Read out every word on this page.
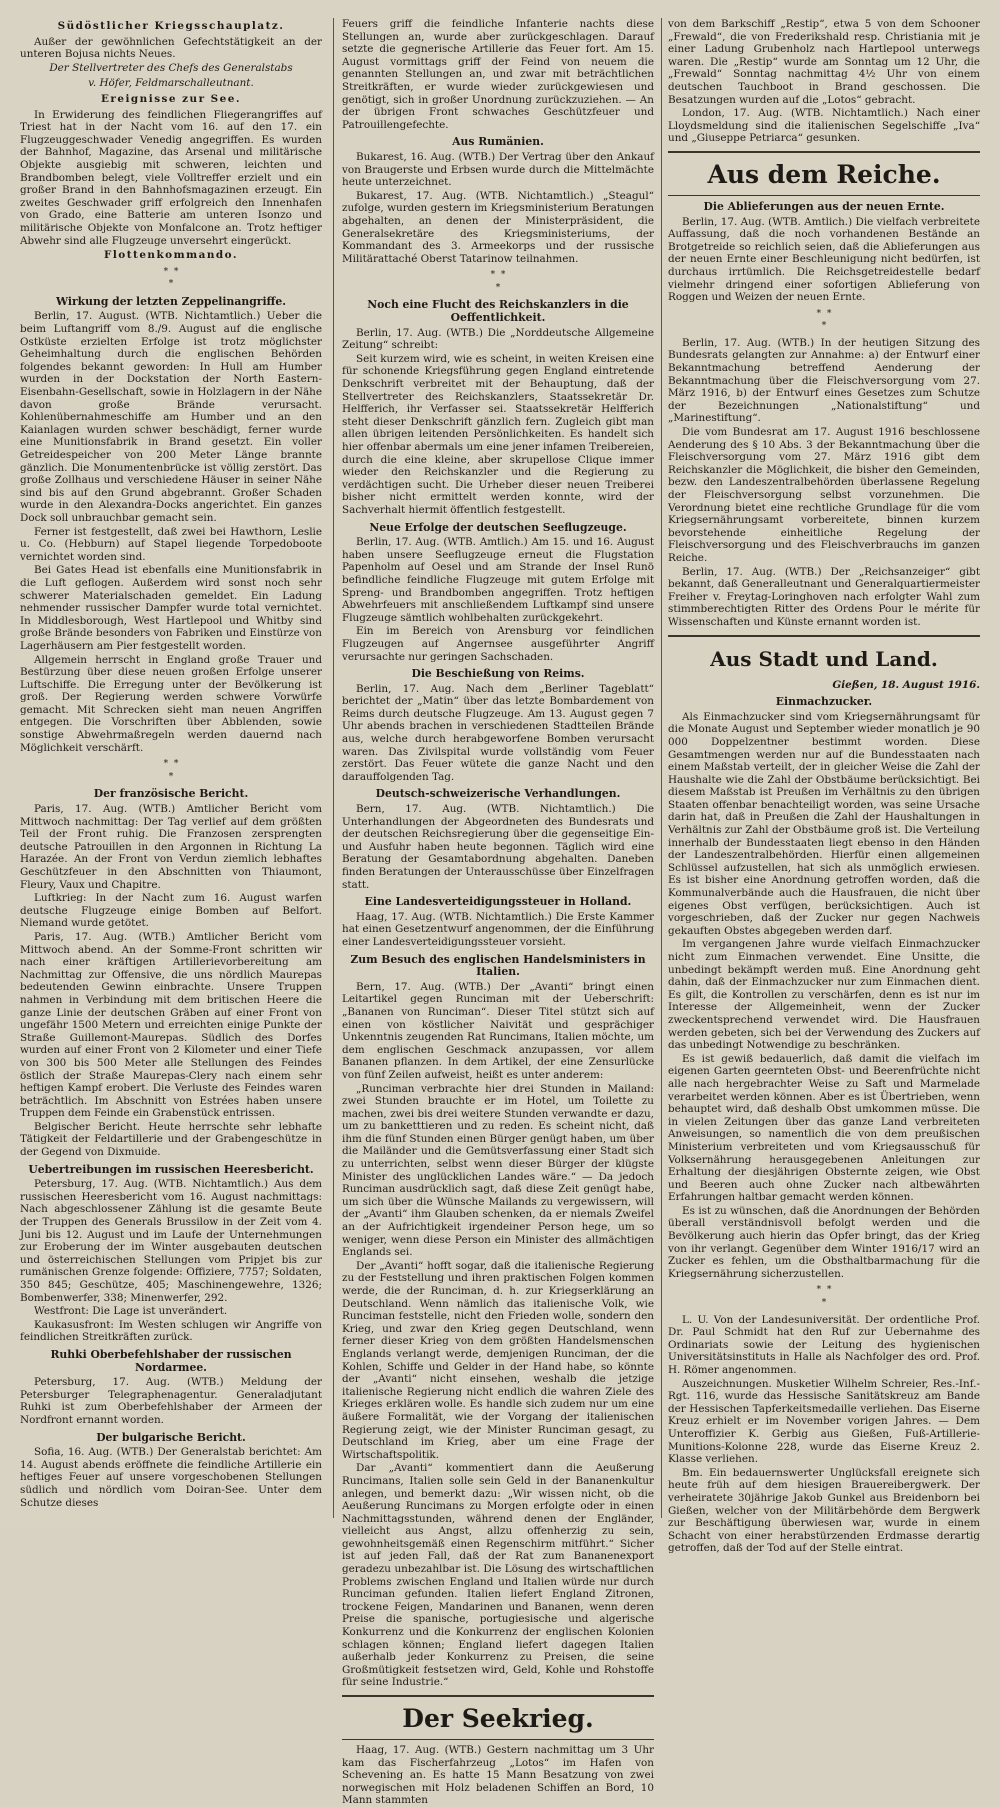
Südöstlicher Kriegsschauplatz.

Außer der gewöhnlichen Gefechtstätigkeit an der unteren Bojusa nichts Neues.

Der Stellvertreter des Chefs des Generalstabs
v. Höfer, Feldmarschalleutnant.
Ereignisse zur See.

In Erwiderung des feindlichen Fliegerangriffes auf Triest hat in der Nacht vom 16. auf den 17. ein Flugzeuggeschwader Venedig angegriffen. Es wurden der Bahnhof, Magazine, das Arsenal und militärische Objekte ausgiebig mit schweren, leichten und Brandbomben belegt, viele Volltreffer erzielt und ein großer Brand in den Bahnhofsmagazinen erzeugt. Ein zweites Geschwader griff erfolgreich den Innenhafen von Grado, eine Batterie am unteren Isonzo und militärische Objekte von Monfalcone an. Trotz heftiger Abwehr sind alle Flugzeuge unversehrt eingerückt.

Flottenkommando.
*  *
*
Wirkung der letzten Zeppelinangriffe.

Berlin, 17. August. (WTB. Nichtamtlich.) Ueber die beim Luftangriff vom 8./9. August auf die englische Ostküste erzielten Erfolge ist trotz möglichster Geheimhaltung durch die englischen Behörden folgendes bekannt geworden: In Hull am Humber wurden in der Dockstation der North Eastern-Eisenbahn-Gesellschaft, sowie in Holzlagern in der Nähe davon große Brände verursacht. Kohlenübernahmeschiffe am Humber und an den Kaianlagen wurden schwer beschädigt, ferner wurde eine Munitionsfabrik in Brand gesetzt. Ein voller Getreidespeicher von 200 Meter Länge brannte gänzlich. Die Monumentenbrücke ist völlig zerstört. Das große Zollhaus und verschiedene Häuser in seiner Nähe sind bis auf den Grund abgebrannt. Großer Schaden wurde in den Alexandra-Docks angerichtet. Ein ganzes Dock soll unbrauchbar gemacht sein.

Ferner ist festgestellt, daß zwei bei Hawthorn, Leslie u. Co. (Hebburn) auf Stapel liegende Torpedoboote vernichtet worden sind.

Bei Gates Head ist ebenfalls eine Munitionsfabrik in die Luft geflogen. Außerdem wird sonst noch sehr schwerer Materialschaden gemeldet. Ein Ladung nehmender russischer Dampfer wurde total vernichtet. In Middlesborough, West Hartlepool und Whitby sind große Brände besonders von Fabriken und Einstürze von Lagerhäusern am Pier festgestellt worden.

Allgemein herrscht in England große Trauer und Bestürzung über diese neuen großen Erfolge unserer Luftschiffe. Die Erregung unter der Bevölkerung ist groß. Der Regierung werden schwere Vorwürfe gemacht. Mit Schrecken sieht man neuen Angriffen entgegen. Die Vorschriften über Abblenden, sowie sonstige Abwehrmaßregeln werden dauernd nach Möglichkeit verschärft.

*  *
*
Der französische Bericht.

Paris, 17. Aug. (WTB.) Amtlicher Bericht vom Mittwoch nachmittag: Der Tag verlief auf dem größten Teil der Front ruhig. Die Franzosen zersprengten deutsche Patrouillen in den Argonnen in Richtung La Harazée. An der Front von Verdun ziemlich lebhaftes Geschützfeuer in den Abschnitten von Thiaumont, Fleury, Vaux und Chapitre.

Luftkrieg: In der Nacht zum 16. August warfen deutsche Flugzeuge einige Bomben auf Belfort. Niemand wurde getötet.

Paris, 17. Aug. (WTB.) Amtlicher Bericht vom Mittwoch abend. An der Somme-Front schritten wir nach einer kräftigen Artillerievorbereitung am Nachmittag zur Offensive, die uns nördlich Maurepas bedeutenden Gewinn einbrachte. Unsere Truppen nahmen in Verbindung mit dem britischen Heere die ganze Linie der deutschen Gräben auf einer Front von ungefähr 1500 Metern und erreichten einige Punkte der Straße Guillemont-Maurepas. Südlich des Dorfes wurden auf einer Front von 2 Kilometer und einer Tiefe von 300 bis 500 Meter alle Stellungen des Feindes östlich der Straße Maurepas-Clery nach einem sehr heftigen Kampf erobert. Die Verluste des Feindes waren beträchtlich. Im Abschnitt von Estrées haben unsere Truppen dem Feinde ein Grabenstück entrissen.

Belgischer Bericht. Heute herrschte sehr lebhafte Tätigkeit der Feldartillerie und der Grabengeschütze in der Gegend von Dixmuide.

Uebertreibungen im russischen Heeresbericht.

Petersburg, 17. Aug. (WTB. Nichtamtlich.) Aus dem russischen Heeresbericht vom 16. August nachmittags: Nach abgeschlossener Zählung ist die gesamte Beute der Truppen des Generals Brussilow in der Zeit vom 4. Juni bis 12. August und im Laufe der Unternehmungen zur Eroberung der im Winter ausgebauten deutschen und österreichischen Stellungen vom Pripjet bis zur rumänischen Grenze folgende: Offiziere, 7757; Soldaten, 350 845; Geschütze, 405; Maschinengewehre, 1326; Bombenwerfer, 338; Minenwerfer, 292.

Westfront: Die Lage ist unverändert.

Kaukasusfront: Im Westen schlugen wir Angriffe von feindlichen Streitkräften zurück.

Ruhki Oberbefehlshaber der russischen Nordarmee.

Petersburg, 17. Aug. (WTB.) Meldung der Petersburger Telegraphenagentur. Generaladjutant Ruhki ist zum Oberbefehlshaber der Armeen der Nordfront ernannt worden.

Der bulgarische Bericht.

Sofia, 16. Aug. (WTB.) Der Generalstab berichtet: Am 14. August abends eröffnete die feindliche Artillerie ein heftiges Feuer auf unsere vorgeschobenen Stellungen südlich und nördlich vom Doiran-See. Unter dem Schutze dieses

Feuers griff die feindliche Infanterie nachts diese Stellungen an, wurde aber zurückgeschlagen. Darauf setzte die gegnerische Artillerie das Feuer fort. Am 15. August vormittags griff der Feind von neuem die genannten Stellungen an, und zwar mit beträchtlichen Streitkräften, er wurde wieder zurückgewiesen und genötigt, sich in großer Unordnung zurückzuziehen. — An der übrigen Front schwaches Geschützfeuer und Patrouillengefechte.

Aus Rumänien.

Bukarest, 16. Aug. (WTB.) Der Vertrag über den Ankauf von Braugerste und Erbsen wurde durch die Mittelmächte heute unterzeichnet.

Bukarest, 17. Aug. (WTB. Nichtamtlich.) „Steagul“ zufolge, wurden gestern im Kriegsministerium Beratungen abgehalten, an denen der Ministerpräsident, die Generalsekretäre des Kriegsministeriums, der Kommandant des 3. Armeekorps und der russische Militärattaché Oberst Tatarinow teilnahmen.

*  *
*
Noch eine Flucht des Reichskanzlers in die Oeffentlichkeit.

Berlin, 17. Aug. (WTB.) Die „Norddeutsche Allgemeine Zeitung“ schreibt:

Seit kurzem wird, wie es scheint, in weiten Kreisen eine für schonende Kriegsführung gegen England eintretende Denkschrift verbreitet mit der Behauptung, daß der Stellvertreter des Reichskanzlers, Staatssekretär Dr. Helfferich, ihr Verfasser sei. Staatssekretär Helfferich steht dieser Denkschrift gänzlich fern. Zugleich gibt man allen übrigen leitenden Persönlichkeiten. Es handelt sich hier offenbar abermals um eine jener infamen Treibereien, durch die eine kleine, aber skrupellose Clique immer wieder den Reichskanzler und die Regierung zu verdächtigen sucht. Die Urheber dieser neuen Treiberei bisher nicht ermittelt werden konnte, wird der Sachverhalt hiermit öffentlich festgestellt.

Neue Erfolge der deutschen Seeflugzeuge.

Berlin, 17. Aug. (WTB. Amtlich.) Am 15. und 16. August haben unsere Seeflugzeuge erneut die Flugstation Papenholm auf Oesel und am Strande der Insel Runö befindliche feindliche Flugzeuge mit gutem Erfolge mit Spreng- und Brandbomben angegriffen. Trotz heftigen Abwehrfeuers mit anschließendem Luftkampf sind unsere Flugzeuge sämtlich wohlbehalten zurückgekehrt.

Ein im Bereich von Arensburg vor feindlichen Flugzeugen auf Angernsee ausgeführter Angriff verursachte nur geringen Sachschaden.

Die Beschießung von Reims.

Berlin, 17. Aug. Nach dem „Berliner Tageblatt“ berichtet der „Matin“ über das letzte Bombardement von Reims durch deutsche Flugzeuge. Am 13. August gegen 7 Uhr abends brachen in verschiedenen Stadtteilen Brände aus, welche durch herabgeworfene Bomben verursacht waren. Das Zivilspital wurde vollständig vom Feuer zerstört. Das Feuer wütete die ganze Nacht und den darauffolgenden Tag.

Deutsch-schweizerische Verhandlungen.

Bern, 17. Aug. (WTB. Nichtamtlich.) Die Unterhandlungen der Abgeordneten des Bundesrats und der deutschen Reichsregierung über die gegenseitige Ein- und Ausfuhr haben heute begonnen. Täglich wird eine Beratung der Gesamtabordnung abgehalten. Daneben finden Beratungen der Unterausschüsse über Einzelfragen statt.

Eine Landesverteidigungssteuer in Holland.

Haag, 17. Aug. (WTB. Nichtamtlich.) Die Erste Kammer hat einen Gesetzentwurf angenommen, der die Einführung einer Landesverteidigungssteuer vorsieht.

Zum Besuch des englischen Handelsministers in Italien.

Bern, 17. Aug. (WTB.) Der „Avanti“ bringt einen Leitartikel gegen Runciman mit der Ueberschrift: „Bananen von Runciman“. Dieser Titel stützt sich auf einen von köstlicher Naivität und gesprächiger Unkenntnis zeugenden Rat Runcimans, Italien möchte, um dem englischen Geschmack anzupassen, vor allem Bananen pflanzen. In dem Artikel, der eine Zensurlücke von fünf Zeilen aufweist, heißt es unter anderem:

„Runciman verbrachte hier drei Stunden in Mailand: zwei Stunden brauchte er im Hotel, um Toilette zu machen, zwei bis drei weitere Stunden verwandte er dazu, um zu banketttieren und zu reden. Es scheint nicht, daß ihm die fünf Stunden einen Bürger genügt haben, um über die Mailänder und die Gemütsverfassung einer Stadt sich zu unterrichten, selbst wenn dieser Bürger der klügste Minister des unglücklichen Landes wäre.“ — Da jedoch Runciman ausdrücklich sagt, daß diese Zeit genügt habe, um sich über die Wünsche Mailands zu vergewissern, will der „Avanti“ ihm Glauben schenken, da er niemals Zweifel an der Aufrichtigkeit irgendeiner Person hege, um so weniger, wenn diese Person ein Minister des allmächtigen Englands sei.

Der „Avanti“ hofft sogar, daß die italienische Regierung zu der Feststellung und ihren praktischen Folgen kommen werde, die der Runciman, d. h. zur Kriegserklärung an Deutschland. Wenn nämlich das italienische Volk, wie Runciman feststelle, nicht den Frieden wolle, sondern den Krieg, und zwar den Krieg gegen Deutschland, wenn ferner dieser Krieg von dem größten Handelsmenschen Englands verlangt werde, demjenigen Runciman, der die Kohlen, Schiffe und Gelder in der Hand habe, so könnte der „Avanti“ nicht einsehen, weshalb die jetzige italienische Regierung nicht endlich die wahren Ziele des Krieges erklären wolle. Es handle sich zudem nur um eine äußere Formalität, wie der Vorgang der italienischen Regierung zeigt, wie der Minister Runciman gesagt, zu Deutschland im Krieg, aber um eine Frage der Wirtschaftspolitik.

Dar „Avanti“ kommentiert dann die Aeußerung Runcimans, Italien solle sein Geld in der Bananenkultur anlegen, und bemerkt dazu: „Wir wissen nicht, ob die Aeußerung Runcimans zu Morgen erfolgte oder in einen Nachmittagsstunden, während denen der Engländer, vielleicht aus Angst, allzu offenherzig zu sein, gewohnheitsgemäß einen Regenschirm mitführt.“ Sicher ist auf jeden Fall, daß der Rat zum Bananenexport geradezu unbezahlbar ist. Die Lösung des wirtschaftlichen Problems zwischen England und Italien würde nur durch Runciman gefunden. Italien liefert England Zitronen, trockene Feigen, Mandarinen und Bananen, wenn deren Preise die spanische, portugiesische und algerische Konkurrenz und die Konkurrenz der englischen Kolonien schlagen können; England liefert dagegen Italien außerhalb jeder Konkurrenz zu Preisen, die seine Großmütigkeit festsetzen wird, Geld, Kohle und Rohstoffe für seine Industrie.“

Der Seekrieg.

Haag, 17. Aug. (WTB.) Gestern nachmittag um 3 Uhr kam das Fischerfahrzeug „Lotos“ im Hafen von Schevening an. Es hatte 15 Mann Besatzung von zwei norwegischen mit Holz beladenen Schiffen an Bord, 10 Mann stammten

von dem Barkschiff „Restip“, etwa 5 von dem Schooner „Frewald“, die von Frederikshald resp. Christiania mit je einer Ladung Grubenholz nach Hartlepool unterwegs waren. Die „Restip“ wurde am Sonntag um 12 Uhr, die „Frewald“ Sonntag nachmittag 4½ Uhr von einem deutschen Tauchboot in Brand geschossen. Die Besatzungen wurden auf die „Lotos“ gebracht.

London, 17. Aug. (WTB. Nichtamtlich.) Nach einer Lloydsmeldung sind die italienischen Segelschiffe „Iva“ und „Giuseppe Petriarca“ gesunken.

Aus dem Reiche.
Die Ablieferungen aus der neuen Ernte.

Berlin, 17. Aug. (WTB. Amtlich.) Die vielfach verbreitete Auffassung, daß die noch vorhandenen Bestände an Brotgetreide so reichlich seien, daß die Ablieferungen aus der neuen Ernte einer Beschleunigung nicht bedürfen, ist durchaus irrtümlich. Die Reichsgetreidestelle bedarf vielmehr dringend einer sofortigen Ablieferung von Roggen und Weizen der neuen Ernte.

*  *
*

Berlin, 17. Aug. (WTB.) In der heutigen Sitzung des Bundesrats gelangten zur Annahme: a) der Entwurf einer Bekanntmachung betreffend Aenderung der Bekanntmachung über die Fleischversorgung vom 27. März 1916, b) der Entwurf eines Gesetzes zum Schutze der Bezeichnungen „Nationalstiftung“ und „Marinestiftung“.

Die vom Bundesrat am 17. August 1916 beschlossene Aenderung des § 10 Abs. 3 der Bekanntmachung über die Fleischversorgung vom 27. März 1916 gibt dem Reichskanzler die Möglichkeit, die bisher den Gemeinden, bezw. den Landeszentralbehörden überlassene Regelung der Fleischversorgung selbst vorzunehmen. Die Verordnung bietet eine rechtliche Grundlage für die vom Kriegsernährungsamt vorbereitete, binnen kurzem bevorstehende einheitliche Regelung der Fleischversorgung und des Fleischverbrauchs im ganzen Reiche.

Berlin, 17. Aug. (WTB.) Der „Reichsanzeiger“ gibt bekannt, daß Generalleutnant und Generalquartiermeister Freiher v. Freytag-Loringhoven nach erfolgter Wahl zum stimmberechtigten Ritter des Ordens Pour le mérite für Wissenschaften und Künste ernannt worden ist.

Aus Stadt und Land.
Gießen, 18. August 1916.
Einmachzucker.

Als Einmachzucker sind vom Kriegsernährungsamt für die Monate August und September wieder monatlich je 90 000 Doppelzentner bestimmt worden. Diese Gesamtmengen werden nur auf die Bundesstaaten nach einem Maßstab verteilt, der in gleicher Weise die Zahl der Haushalte wie die Zahl der Obstbäume berücksichtigt. Bei diesem Maßstab ist Preußen im Verhältnis zu den übrigen Staaten offenbar benachteiligt worden, was seine Ursache darin hat, daß in Preußen die Zahl der Haushaltungen in Verhältnis zur Zahl der Obstbäume groß ist. Die Verteilung innerhalb der Bundesstaaten liegt ebenso in den Händen der Landeszentralbehörden. Hierfür einen allgemeinen Schlüssel aufzustellen, hat sich als unmöglich erwiesen. Es ist bisher eine Anordnung getroffen worden, daß die Kommunalverbände auch die Hausfrauen, die nicht über eigenes Obst verfügen, berücksichtigen. Auch ist vorgeschrieben, daß der Zucker nur gegen Nachweis gekauften Obstes abgegeben werden darf.

Im vergangenen Jahre wurde vielfach Einmachzucker nicht zum Einmachen verwendet. Eine Unsitte, die unbedingt bekämpft werden muß. Eine Anordnung geht dahin, daß der Einmachzucker nur zum Einmachen dient. Es gilt, die Kontrollen zu verschärfen, denn es ist nur im Interesse der Allgemeinheit, wenn der Zucker zweckentsprechend verwendet wird. Die Hausfrauen werden gebeten, sich bei der Verwendung des Zuckers auf das unbedingt Notwendige zu beschränken.

Es ist gewiß bedauerlich, daß damit die vielfach im eigenen Garten geernteten Obst- und Beerenfrüchte nicht alle nach hergebrachter Weise zu Saft und Marmelade verarbeitet werden können. Aber es ist Übertrieben, wenn behauptet wird, daß deshalb Obst umkommen müsse. Die in vielen Zeitungen über das ganze Land verbreiteten Anweisungen, so namentlich die von dem preußischen Ministerium verbreiteten und vom Kriegsausschuß für Volksernährung herausgegebenen Anleitungen zur Erhaltung der diesjährigen Obsternte zeigen, wie Obst und Beeren auch ohne Zucker nach altbewährten Erfahrungen haltbar gemacht werden können.

Es ist zu wünschen, daß die Anordnungen der Behörden überall verständnisvoll befolgt werden und die Bevölkerung auch hierin das Opfer bringt, das der Krieg von ihr verlangt. Gegenüber dem Winter 1916/17 wird an Zucker es fehlen, um die Obsthaltbarmachung für die Kriegsernährung sicherzustellen.

*  *
*

L. U. Von der Landesuniversität. Der ordentliche Prof. Dr. Paul Schmidt hat den Ruf zur Uebernahme des Ordinariats sowie der Leitung des hygienischen Universitätsinstituts in Halle als Nachfolger des ord. Prof. H. Römer angenommen.

Auszeichnungen. Musketier Wilhelm Schreier, Res.-Inf.-Rgt. 116, wurde das Hessische Sanitätskreuz am Bande der Hessischen Tapferkeitsmedaille verliehen. Das Eiserne Kreuz erhielt er im November vorigen Jahres. — Dem Unteroffizier K. Gerbig aus Gießen, Fuß-Artillerie-Munitions-Kolonne 228, wurde das Eiserne Kreuz 2. Klasse verliehen.

Bm. Ein bedauernswerter Unglücksfall ereignete sich heute früh auf dem hiesigen Brauereibergwerk. Der verheiratete 30jährige Jakob Gunkel aus Breidenborn bei Gießen, welcher von der Militärbehörde dem Bergwerk zur Beschäftigung überwiesen war, wurde in einem Schacht von einer herabstürzenden Erdmasse derartig getroffen, daß der Tod auf der Stelle eintrat.
